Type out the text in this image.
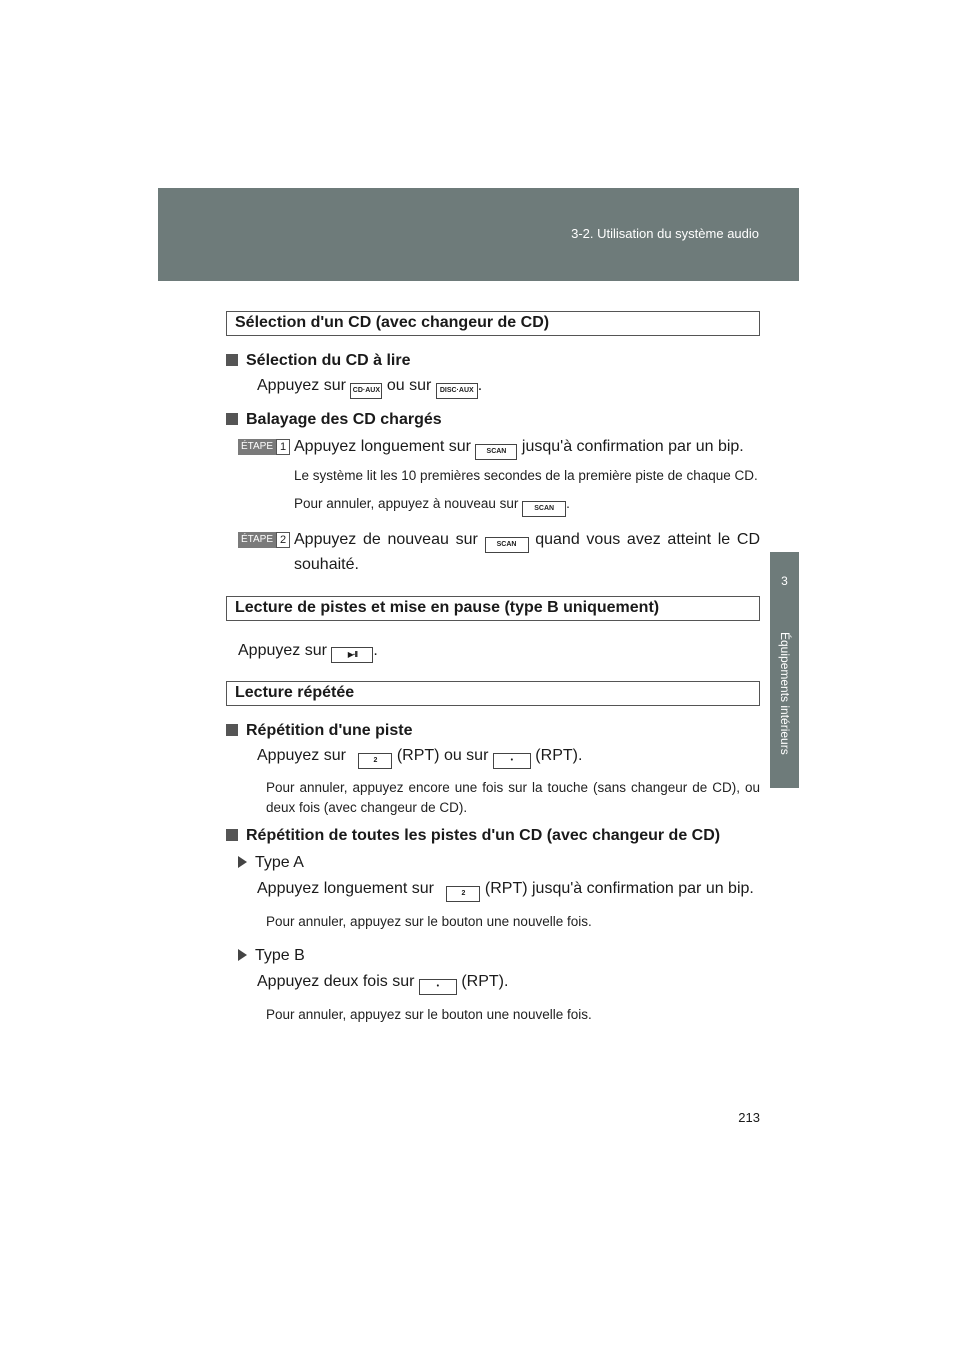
3-2. Utilisation du système audio
3
Équipements intérieurs
Sélection d'un CD (avec changeur de CD)

Sélection du CD à lire

Appuyez sur CD·AUX ou sur DISC·AUX .

Balayage des CD chargés

ÉTAPE 1 Appuyez longuement sur SCAN jusqu'à confirmation par un bip.

Le système lit les 10 premières secondes de la première piste de chaque CD.

Pour annuler, appuyez à nouveau sur SCAN .

ÉTAPE 2 Appuyez de nouveau sur SCAN quand vous avez atteint le CD souhaité.

Lecture de pistes et mise en pause (type B uniquement)

Appuyez sur ▶·II .

Lecture répétée

Répétition d'une piste

Appuyez sur	2 (RPT) ou sur	• (RPT).

Pour annuler, appuyez encore une fois sur la touche (sans changeur de CD), ou deux fois (avec changeur de CD).

Répétition de toutes les pistes d'un CD (avec changeur de CD)

Type A

Appuyez longuement sur	2 (RPT) jusqu'à confirmation par un bip.

Pour annuler, appuyez sur le bouton une nouvelle fois.

Type B

Appuyez deux fois sur	• (RPT).

Pour annuler, appuyez sur le bouton une nouvelle fois.

213
